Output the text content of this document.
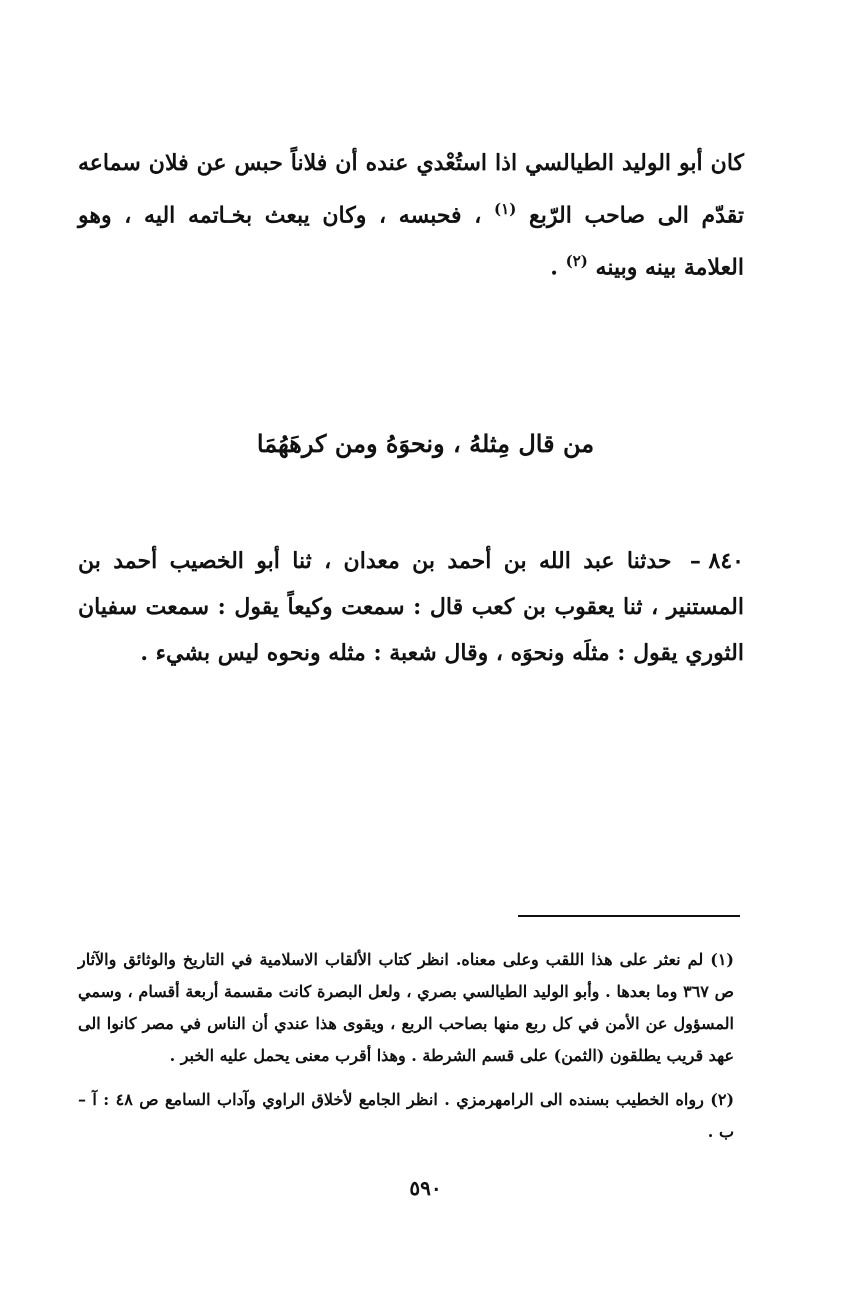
كان أبو الوليد الطيالسي اذا استُعْدي عنده أن فلاناً حبس عن فلان سماعه تقدّم الى صاحب الرّبع $^{(١)}$ ، فحبسه ، وكان يبعث بخـاتمه اليه ، وهو العلامة بينه وبينه $^{(٢)}$ .
من قال مِثلهُ ، ونحوَهُ ومن كرهَهُمَا
٨٤٠ – حدثنا عبد الله بن أحمد بن معدان ، ثنا أبو الخصيب أحمد بن المستنير ، ثنا يعقوب بن كعب قال : سمعت وكيعاً يقول : سمعت سفيان الثوري يقول : مثلَه ونحوَه ، وقال شعبة : مثله ونحوه ليس بشيء .
(١) لم نعثر على هذا اللقب وعلى معناه. انظر كتاب الألقاب الاسلامية في التاريخ والوثائق والآثار ص ٣٦٧ وما بعدها . وأبو الوليد الطيالسي بصري ، ولعل البصرة كانت مقسمة أربعة أقسام ، وسمي المسؤول عن الأمن في كل ربع منها بصاحب الربع ، ويقوى هذا عندي أن الناس في مصر كانوا الى عهد قريب يطلقون (الثمن) على قسم الشرطة . وهذا أقرب معنى يحمل عليه الخبر .
(٢) رواه الخطيب بسنده الى الرامهرمزي . انظر الجامع لأخلاق الراوي وآداب السامع ص ٤٨ : آ – ب .
٥٩٠
